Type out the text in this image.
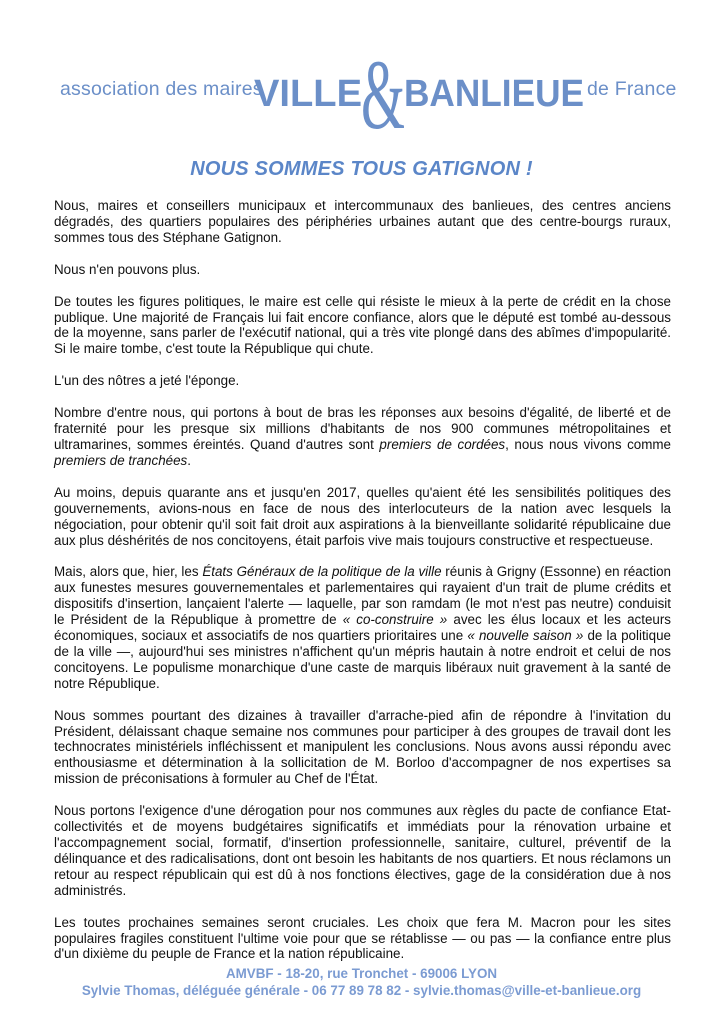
association des maires
VILLE & BANLIEUE de France
NOUS SOMMES TOUS GATIGNON !

Nous, maires et conseillers municipaux et intercommunaux des banlieues, des centres anciens dégradés, des quartiers populaires des périphéries urbaines autant que des centre-bourgs ruraux, sommes tous des Stéphane Gatignon.

Nous n'en pouvons plus.

De toutes les figures politiques, le maire est celle qui résiste le mieux à la perte de crédit en la chose publique. Une majorité de Français lui fait encore confiance, alors que le député est tombé au-dessous de la moyenne, sans parler de l'exécutif national, qui a très vite plongé dans des abîmes d'impopularité. Si le maire tombe, c'est toute la République qui chute.

L'un des nôtres a jeté l'éponge.

Nombre d'entre nous, qui portons à bout de bras les réponses aux besoins d'égalité, de liberté et de fraternité pour les presque six millions d'habitants de nos 900 communes métropolitaines et ultramarines, sommes éreintés. Quand d'autres sont premiers de cordées, nous nous vivons comme premiers de tranchées.

Au moins, depuis quarante ans et jusqu'en 2017, quelles qu'aient été les sensibilités politiques des gouvernements, avions-nous en face de nous des interlocuteurs de la nation avec lesquels la négociation, pour obtenir qu'il soit fait droit aux aspirations à la bienveillante solidarité républicaine due aux plus déshérités de nos concitoyens, était parfois vive mais toujours constructive et respectueuse.

Mais, alors que, hier, les États Généraux de la politique de la ville réunis à Grigny (Essonne) en réaction aux funestes mesures gouvernementales et parlementaires qui rayaient d'un trait de plume crédits et dispositifs d'insertion, lançaient l'alerte — laquelle, par son ramdam (le mot n'est pas neutre) conduisit le Président de la République à promettre de « co-construire » avec les élus locaux et les acteurs économiques, sociaux et associatifs de nos quartiers prioritaires une « nouvelle saison » de la politique de la ville —, aujourd'hui ses ministres n'affichent qu'un mépris hautain à notre endroit et celui de nos concitoyens. Le populisme monarchique d'une caste de marquis libéraux nuit gravement à la santé de notre République.

Nous sommes pourtant des dizaines à travailler d'arrache-pied afin de répondre à l'invitation du Président, délaissant chaque semaine nos communes pour participer à des groupes de travail dont les technocrates ministériels infléchissent et manipulent les conclusions. Nous avons aussi répondu avec enthousiasme et détermination à la sollicitation de M. Borloo d'accompagner de nos expertises sa mission de préconisations à formuler au Chef de l'État.

Nous portons l'exigence d'une dérogation pour nos communes aux règles du pacte de confiance Etat-collectivités et de moyens budgétaires significatifs et immédiats pour la rénovation urbaine et l'accompagnement social, formatif, d'insertion professionnelle, sanitaire, culturel, préventif de la délinquance et des radicalisations, dont ont besoin les habitants de nos quartiers. Et nous réclamons un retour au respect républicain qui est dû à nos fonctions électives, gage de la considération due à nos administrés.

Les toutes prochaines semaines seront cruciales. Les choix que fera M. Macron pour les sites populaires fragiles constituent l'ultime voie pour que se rétablisse — ou pas — la confiance entre plus d'un dixième du peuple de France et la nation républicaine.

AMVBF - 18-20, rue Tronchet - 69006 LYON
Sylvie Thomas, déléguée générale - 06 77 89 78 82 - sylvie.thomas@ville-et-banlieue.org
